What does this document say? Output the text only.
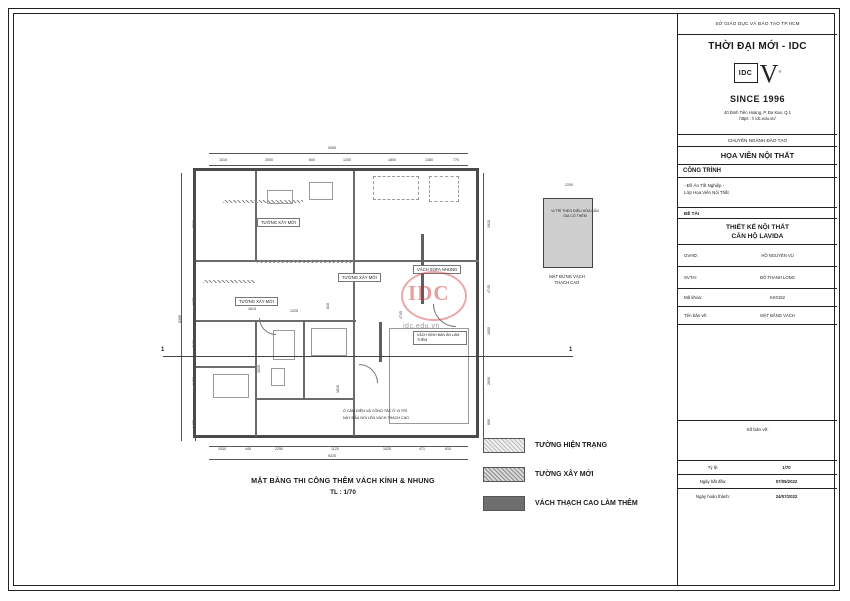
9265
1515	2000	600	1200	1800	1380	770
8395
1915
4745
1050
2600
890
1530	445	2250	1125	1025	471	815
9225
1815	1225
815
4745
1615
1810
2200
TƯỜNG XÂY MỚI
TƯỜNG XÂY MỚI
TƯỜNG XÂY MỚI
VÁCH SOFA NHUNG
VÁCH KÍNH BÀN ĂN LÀM THÊM
Ổ CẮM ĐIỆN VÀ CÔNG TẮC Ở VỊ TRÍ
NÀY ĐẤU NỐI LÊN VÁCH THẠCH CAO
1	1
IDC
idc.edu.vn
MẶT ĐỨNG VÁCH
THẠCH CAO
VỊ TRÍ THEO ĐIỀU HÒA CẦN GIA CỐ THÊM
MẶT BẰNG THI CÔNG THÊM VÁCH KÍNH & NHUNG
TL : 1/70
TƯỜNG HIỆN TRẠNG
TƯỜNG XÂY MỚI
VÁCH THẠCH CAO LÀM THÊM
SỞ GIÁO DỤC VÀ ĐÀO TẠO TP.HCM
THỜI ĐẠI MỚI - IDC
IDC V®
SINCE 1996
40 Đinh Tiên Hoàng, P. Đa Kao, Q.1
https : // idc.edu.vn/
CHUYÊN NGÀNH ĐÀO TẠO
HỌA VIÊN NỘI THẤT
CÔNG TRÌNH
- Đồ Án Tốt Nghiệp -
Lớp Họa Viên Nội Thất
ĐỀ TÀI
THIẾT KẾ NỘI THẤT
CĂN HỘ LAVIDA
GVHD:	HỒ NGUYÊN VŨ
SVTH:	ĐỖ THANH LONG
Mã khóa:	KK0152
Tên bản vẽ:	MẶT BẰNG VÁCH
Số bản vẽ:
Tỷ lệ:	1/70
Ngày bắt đầu:	07/05/2022
Ngày hoàn thành:	24/07/2022
